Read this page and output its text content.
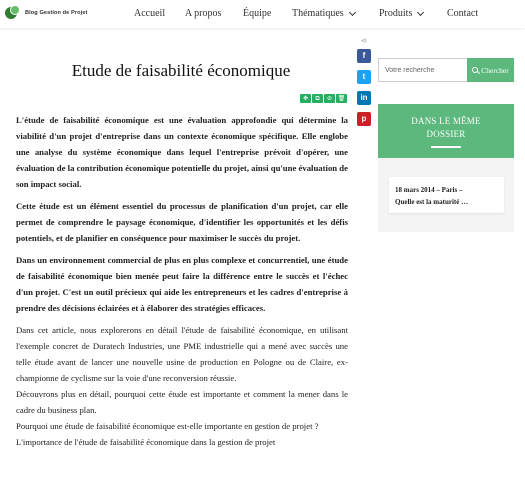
Blog Gestion de Projet	Accueil A propos Équipe Thématiques	Produits	Contact
Etude de faisabilité économique
✥	⧉	⊘ 🗑

L'étude de faisabilité économique est une évaluation approfondie qui détermine la viabilité d'un projet d'entreprise dans un contexte économique spécifique. Elle englobe une analyse du système économique dans lequel l'entreprise prévoit d'opérer, une évaluation de la contribution économique potentielle du projet, ainsi qu'une évaluation de son impact social.

Cette étude est un élément essentiel du processus de planification d'un projet, car elle permet de comprendre le paysage économique, d'identifier les opportunités et les défis potentiels, et de planifier en conséquence pour maximiser le succès du projet.

Dans un environnement commercial de plus en plus complexe et concurrentiel, une étude de faisabilité économique bien menée peut faire la différence entre le succès et l'échec d'un projet. C'est un outil précieux qui aide les entrepreneurs et les cadres d'entreprise à prendre des décisions éclairées et à élaborer des stratégies efficaces.

Dans cet article, nous explorerons en détail l'étude de faisabilité économique, en utilisant l'exemple concret de Duratech Industries, une PME industrielle qui a mené avec succès une telle étude avant de lancer une nouvelle usine de production en Pologne ou de Claire, ex-championne de cyclisme sur la voie d'une reconversion réussie.

Découvrons plus en détail, pourquoi cette étude est importante et comment la mener dans le cadre du business plan.

Pourquoi une étude de faisabilité économique est-elle importante en gestion de projet ?

L'importance de l'étude de faisabilité économique dans la gestion de projet

⋖
f
t
in
p
Votre recherche
Chercher
DANS LE MÊME
DOSSIER
18 mars 2014 – Paris –
Quelle est la maturité …
